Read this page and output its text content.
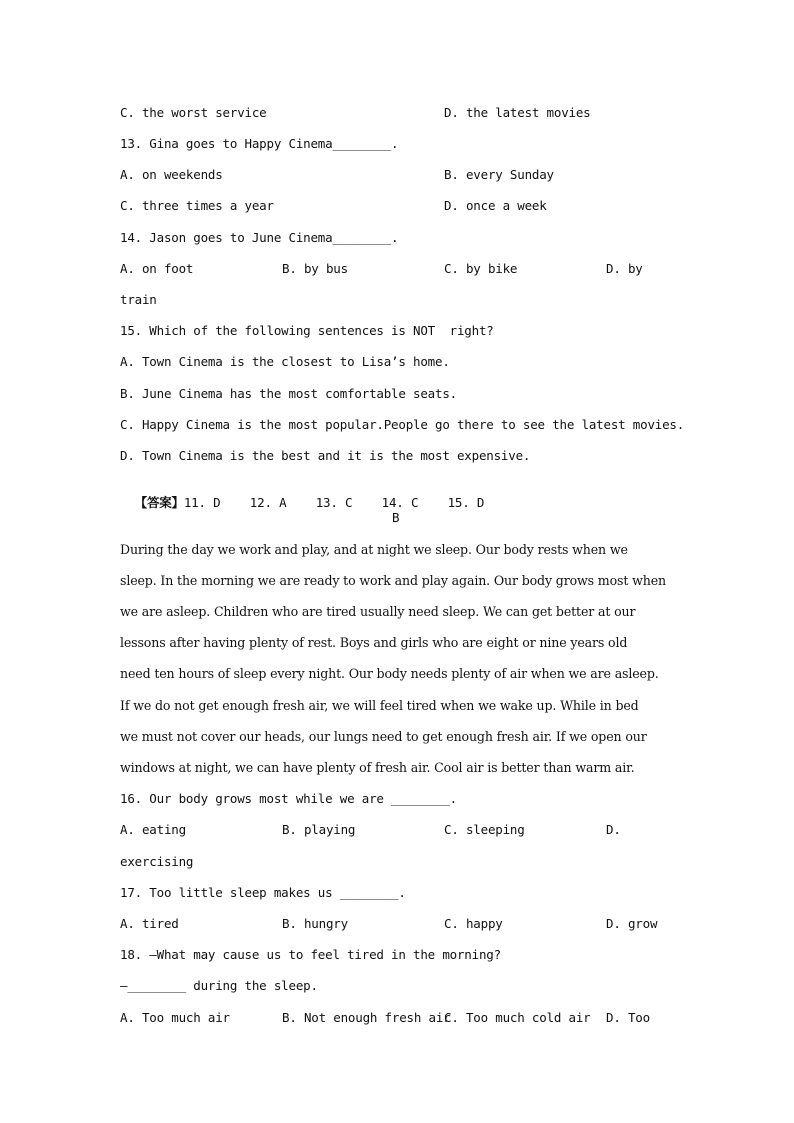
C. the worst service	D. the latest movies
13. Gina goes to Happy Cinema________.
A. on weekends	B. every Sunday
C. three times a year	D. once a week
14. Jason goes to June Cinema________.
A. on foot	B. by bus	C. by bike	D. by
train
15. Which of the following sentences is NOT  right?
A. Town Cinema is the closest to Lisa’s home.
B. June Cinema has the most comfortable seats.
C. Happy Cinema is the most popular.People go there to see the latest movies.
D. Town Cinema is the best and it is the most expensive.

【答案】11. D    12. A    13. C    14. C    15. D

B
During the day we work and play, and at night we sleep. Our body rests when we
sleep. In the morning we are ready to work and play again. Our body grows most when
we are asleep. Children who are tired usually need sleep. We can get better at our
lessons after having plenty of rest. Boys and girls who are eight or nine years old
need ten hours of sleep every night. Our body needs plenty of air when we are asleep.
If we do not get enough fresh air, we will feel tired when we wake up. While in bed
we must not cover our heads, our lungs need to get enough fresh air. If we open our
windows at night, we can have plenty of fresh air. Cool air is better than warm air.
16. Our body grows most while we are ________.
A. eating	B. playing	C. sleeping	D.
exercising
17. Too little sleep makes us ________.
A. tired	B. hungry	C. happy	D. grow
18. —What may cause us to feel tired in the morning?
—________ during the sleep.
A. Too much air	B. Not enough fresh air
C. Too much cold air D. Too
